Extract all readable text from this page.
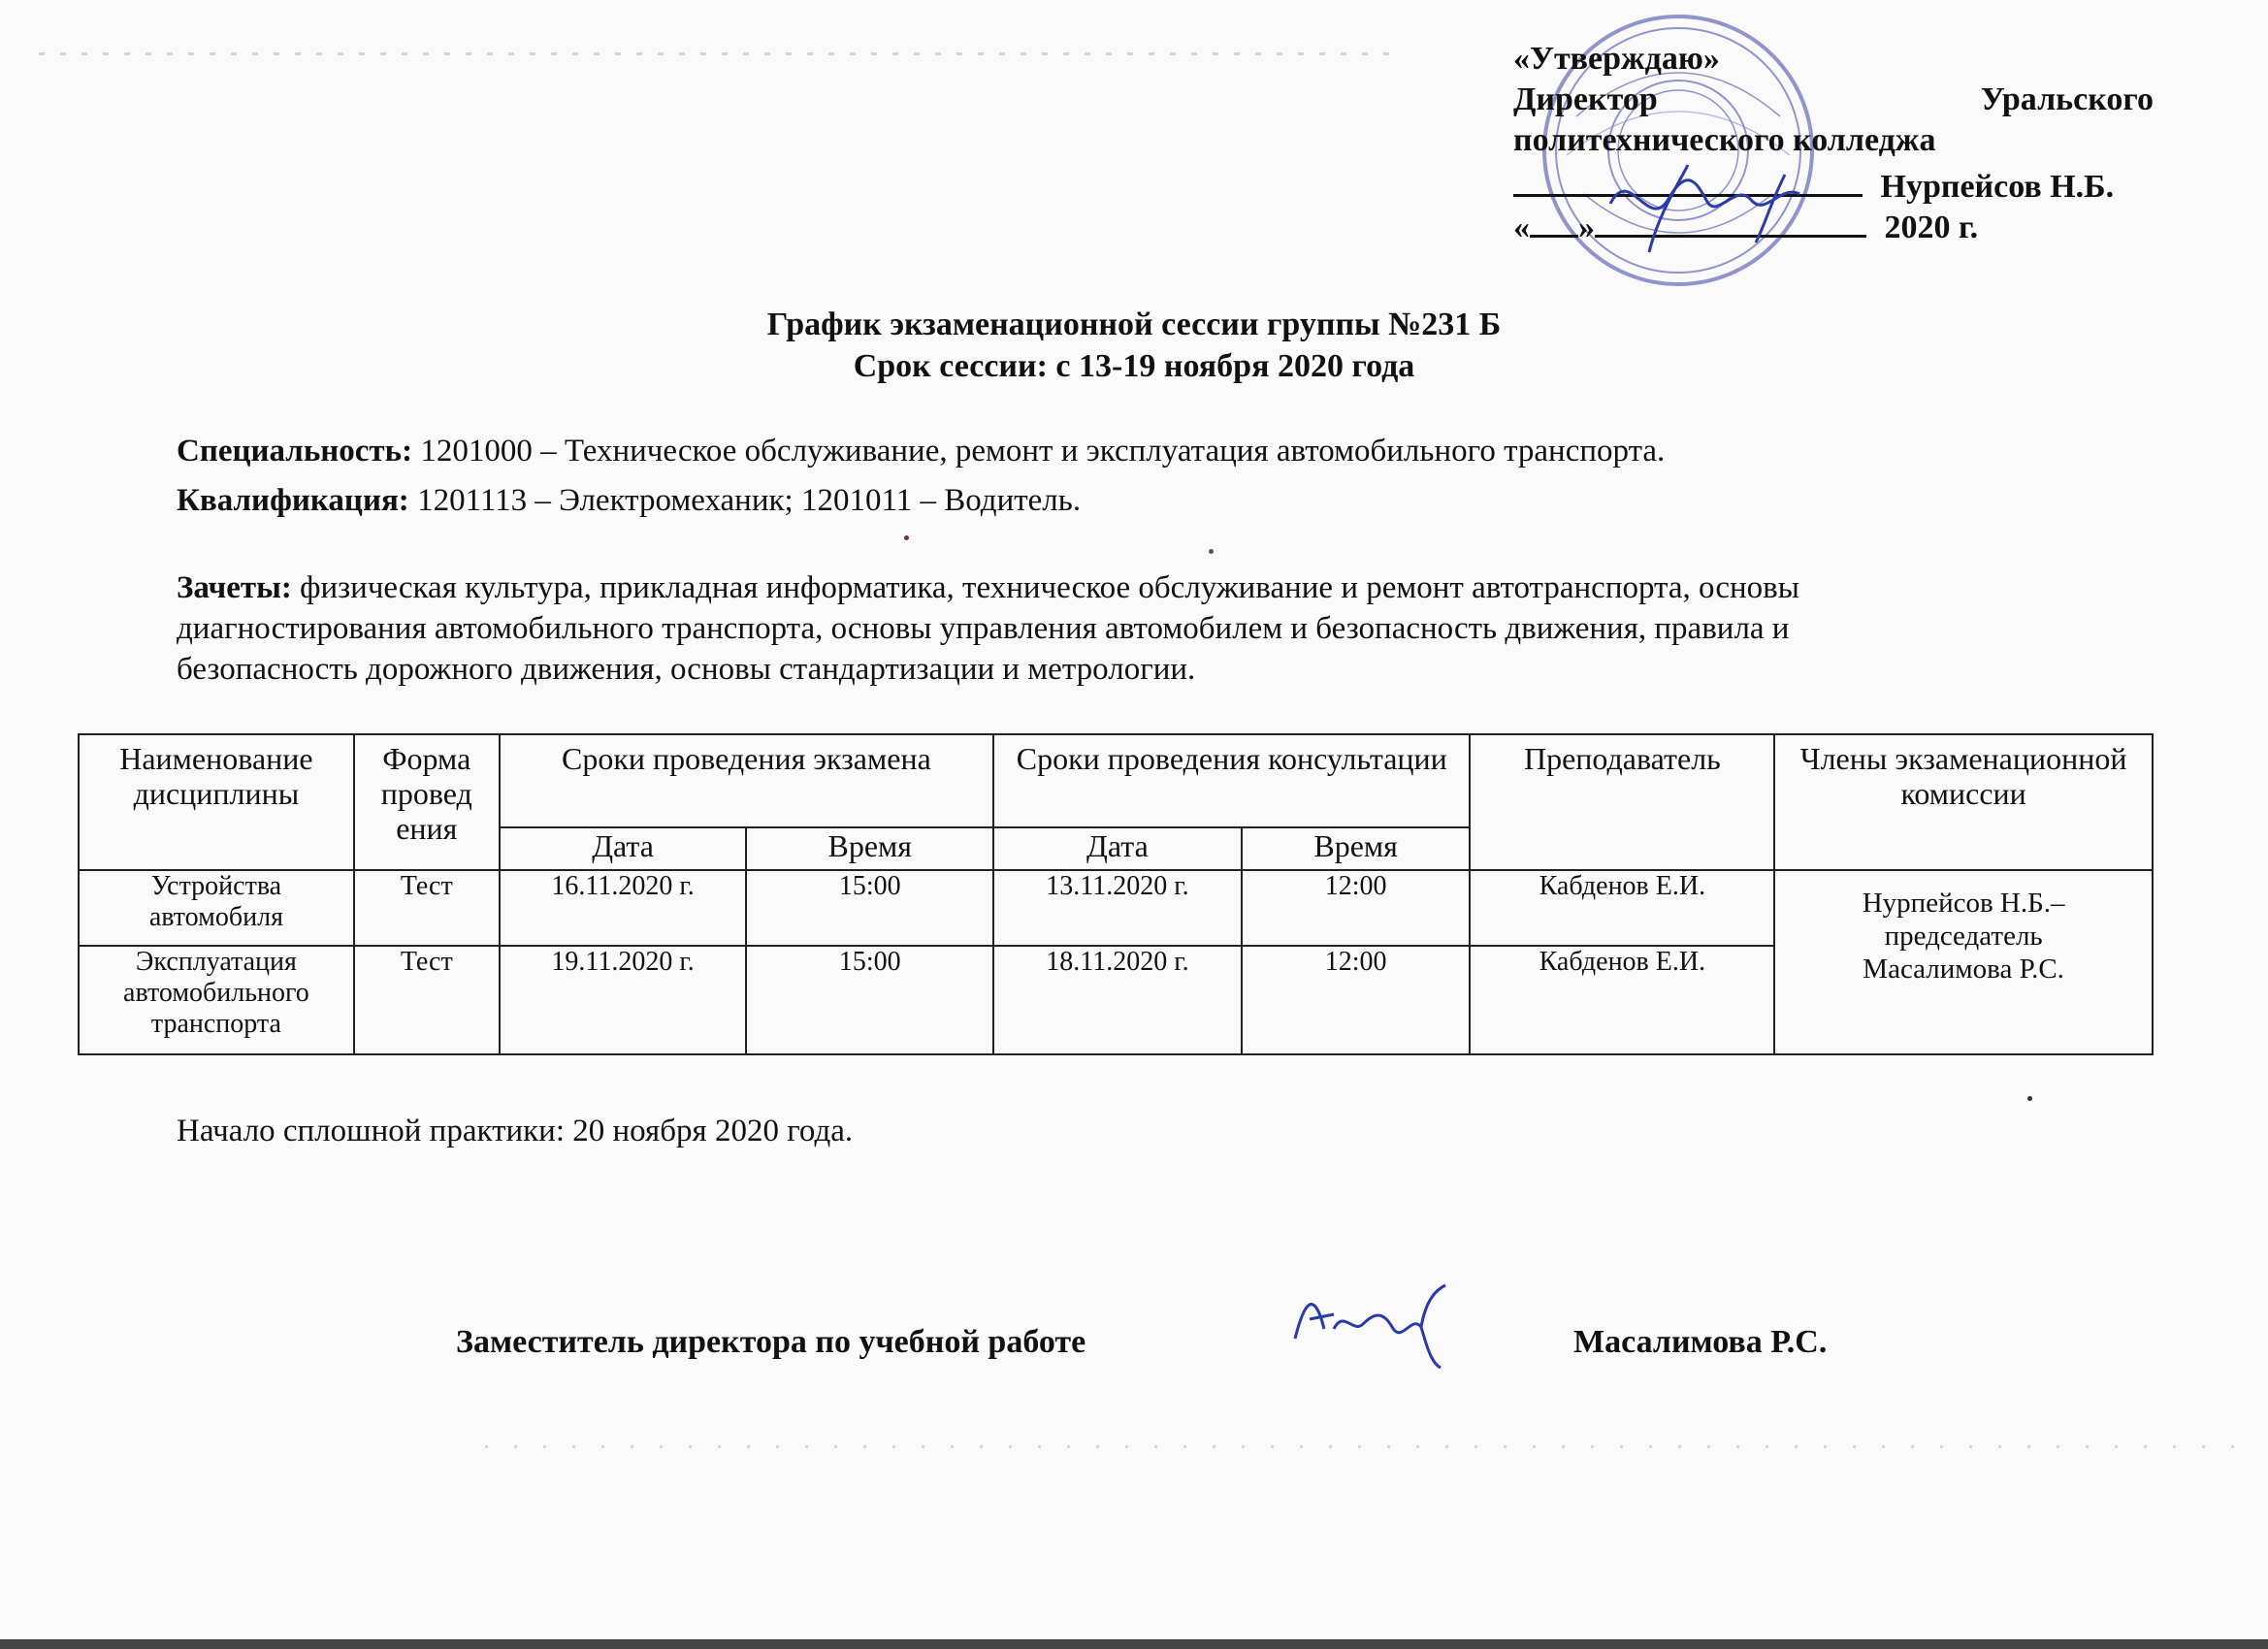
«Утверждаю»
Директор	Уральского
политехнического колледжа
Нурпейсов Н.Б.
« »	2020 г.
График экзаменационной сессии группы №231 Б
Срок сессии: с 13-19 ноября 2020 года
Специальность: 1201000 – Техническое обслуживание, ремонт и эксплуатация автомобильного транспорта.
Квалификация: 1201113 – Электромеханик; 1201011 – Водитель.
Зачеты: физическая культура, прикладная информатика, техническое обслуживание и ремонт автотранспорта, основы
диагностирования автомобильного транспорта, основы управления автомобилем и безопасность движения, правила и
безопасность дорожного движения, основы стандартизации и метрологии.
Наименование дисциплины	Форма провед ения	Сроки проведения экзамена		Сроки проведения консультации		Преподаватель	Члены экзаменационной комиссии
		Дата	Время	Дата	Время		
Устройства автомобиля	Тест	16.11.2020 г.	15:00	13.11.2020 г.	12:00	Кабденов Е.И.	Нурпейсов Н.Б.–
председатель
Масалимова Р.С.

Эксплуатация автомобильного транспорта	Тест	19.11.2020 г.	15:00	18.11.2020 г.	12:00	Кабденов Е.И.	
Начало сплошной практики: 20 ноября 2020 года.
Заместитель директора по учебной работе	Масалимова Р.С.
